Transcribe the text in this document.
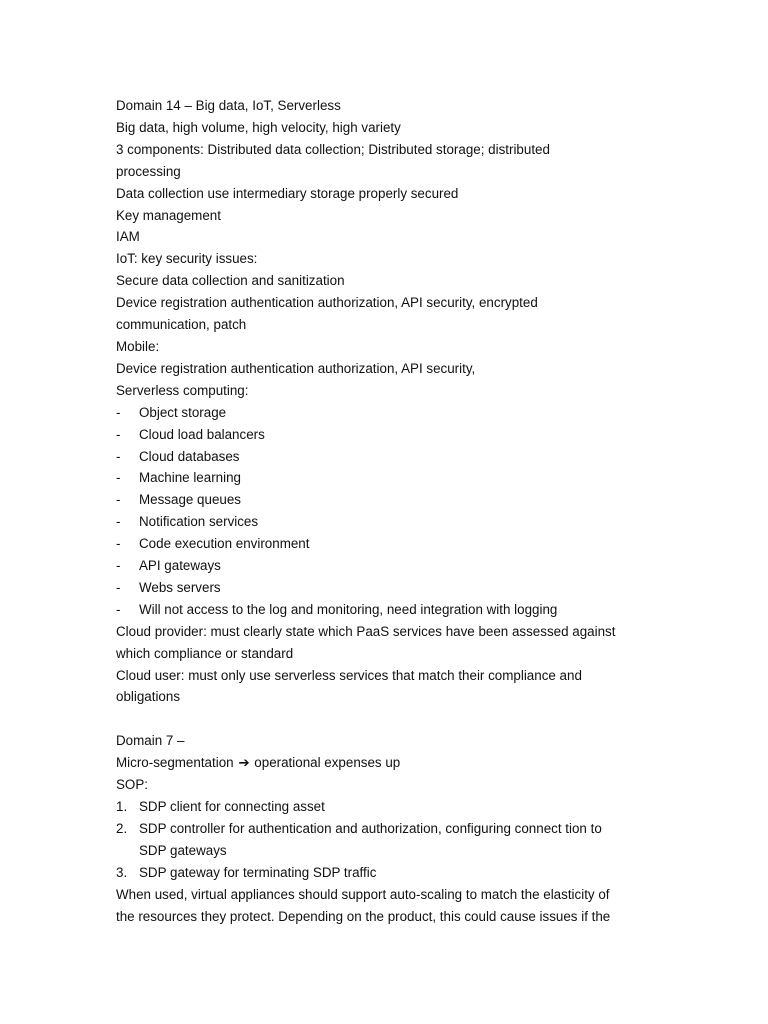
Domain 14 – Big data, IoT, Serverless
Big data, high volume, high velocity, high variety
3 components: Distributed data collection; Distributed storage; distributed
processing
Data collection use intermediary storage properly secured
Key management
IAM
IoT: key security issues:
Secure data collection and sanitization
Device registration authentication authorization, API security, encrypted
communication, patch
Mobile:
Device registration authentication authorization, API security,
Serverless computing:
-	Object storage
-	Cloud load balancers
-	Cloud databases
-	Machine learning
-	Message queues
-	Notification services
-	Code execution environment
-	API gateways
-	Webs servers
-	Will not access to the log and monitoring, need integration with logging
Cloud provider: must clearly state which PaaS services have been assessed against
which compliance or standard
Cloud user: must only use serverless services that match their compliance and
obligations
Domain 7 –
Micro-segmentation ➔ operational expenses up
SOP:
1. SDP client for connecting asset
2. SDP controller for authentication and authorization, configuring connect tion to
SDP gateways
3. SDP gateway for terminating SDP traffic
When used, virtual appliances should support auto-scaling to match the elasticity of
the resources they protect. Depending on the product, this could cause issues if the
